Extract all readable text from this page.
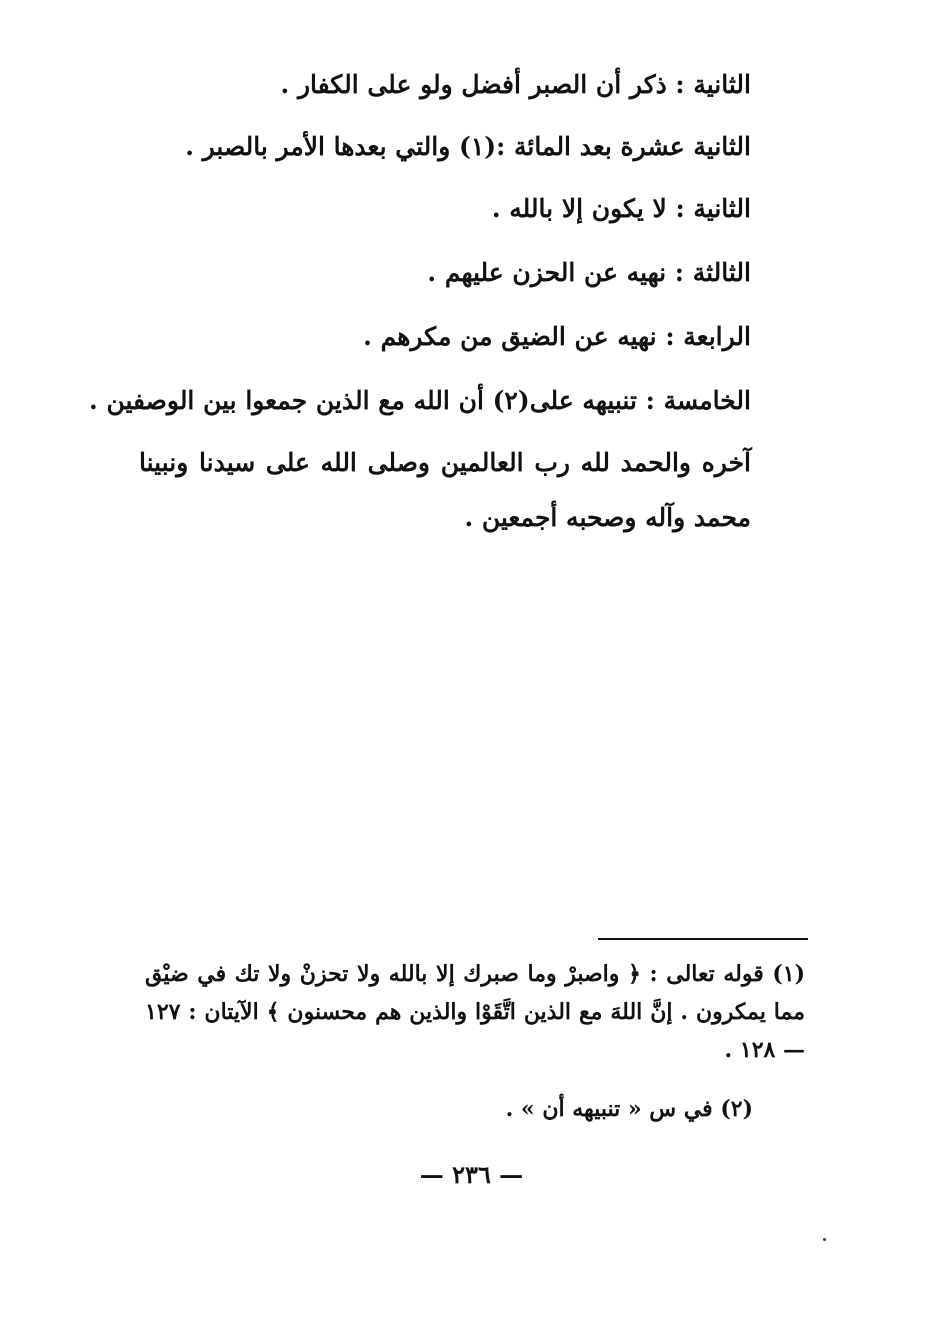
الثانية : ذكر أن الصبر أفضل ولو على الكفار .
الثانية عشرة بعد المائة :(١) والتي بعدها الأمر بالصبر .
الثانية : لا يكون إلا بالله .
الثالثة : نهيه عن الحزن عليهم .
الرابعة : نهيه عن الضيق من مكرهم .
الخامسة : تنبيهه على(٢) أن الله مع الذين جمعوا بين الوصفين .
آخره والحمد لله رب العالمين وصلى الله على سيدنا ونبينا محمد وآله وصحبه أجمعين .
(١) قوله تعالى : ﴿ واصبرْ وما صبرك إلا بالله ولا تحزنْ ولا تك في ضيْق مما يمكرون . إنَّ اللهَ مع الذين اتَّقَوْا والذين هم محسنون ﴾ الآيتان : ١٢٧ — ١٢٨ .
(٢) في س « تنبيهه أن » .
— ٢٣٦ —
